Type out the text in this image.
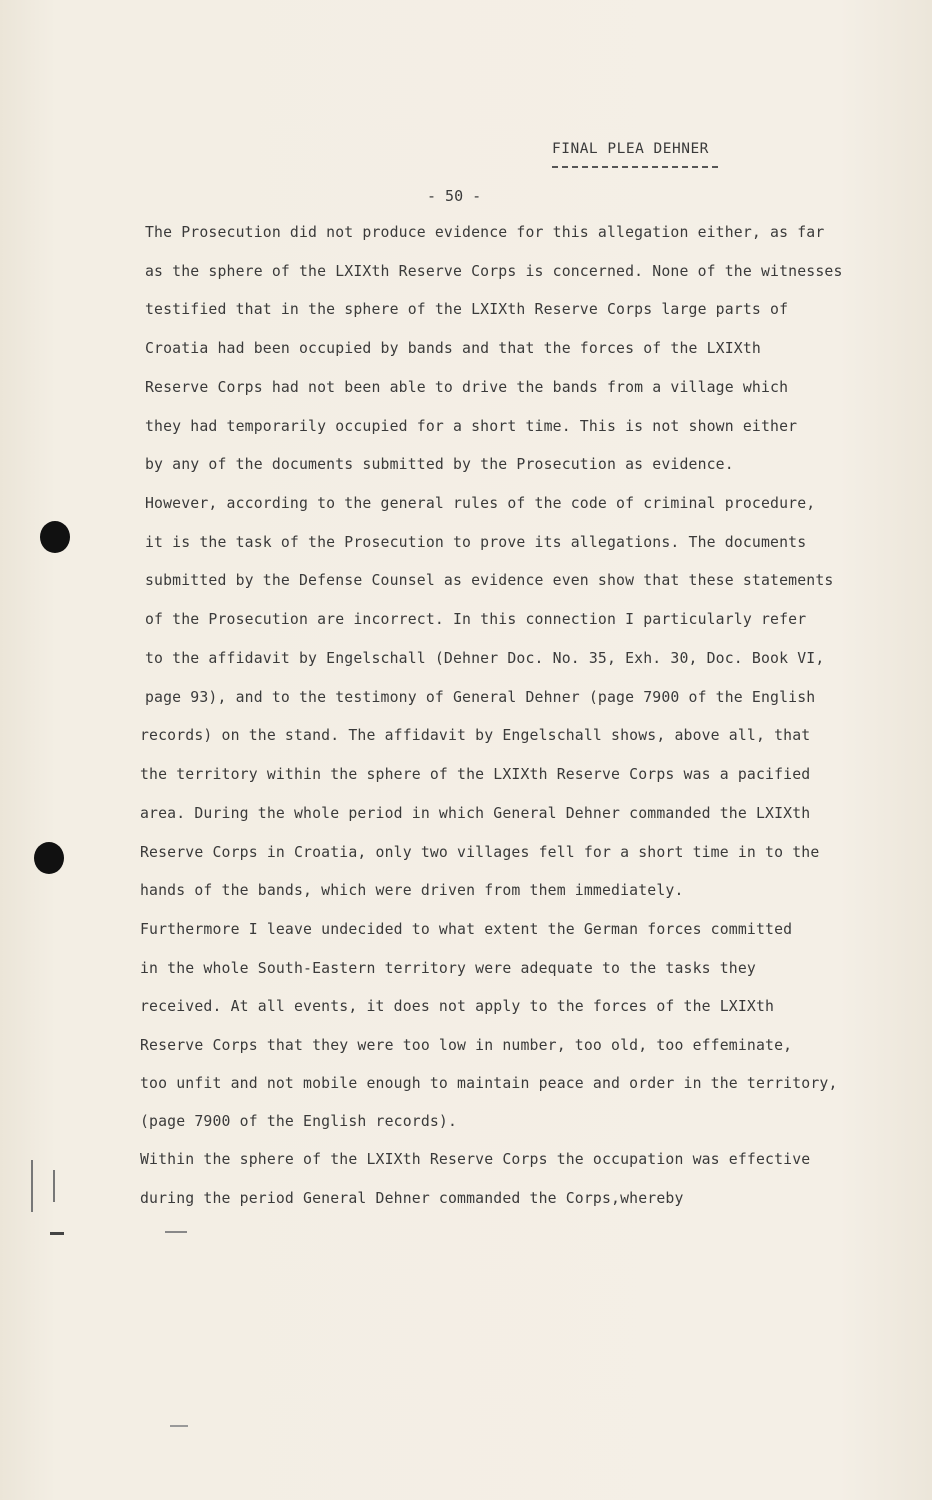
FINAL PLEA DEHNER
- 50 -
The Prosecution did not produce evidence for this allegation either, as far
as the sphere of the LXIXth Reserve Corps is concerned. None of the witnesses
testified that in the sphere of the LXIXth Reserve Corps large parts of
Croatia had been occupied by bands and that the forces of the LXIXth
Reserve Corps had not been able to drive the bands from a village which
they had temporarily occupied for a short time. This is not shown either
by any of the documents submitted by the Prosecution as evidence.
However, according to the general rules of the code of criminal procedure,
it is the task of the Prosecution to prove its allegations. The documents
submitted by the Defense Counsel as evidence even show that these statements
of the Prosecution are incorrect. In this connection I particularly refer
to the affidavit by Engelschall (Dehner Doc. No. 35, Exh. 30, Doc. Book VI,
page 93), and to the testimony of General Dehner (page 7900 of the English
records) on the stand. The affidavit by Engelschall shows, above all, that
the territory within the sphere of the LXIXth Reserve Corps was a pacified
area. During the whole period in which General Dehner commanded the LXIXth
Reserve Corps in Croatia, only two villages fell for a short time in to the
hands of the bands, which were driven from them immediately.
Furthermore I leave undecided to what extent the German forces committed
in the whole South-Eastern territory were adequate to the tasks they
received. At all events, it does not apply to the forces of the LXIXth
Reserve Corps that they were too low in number, too old, too effeminate,
too unfit and not mobile enough to maintain peace and order in the territory,
(page 7900 of the English records).
Within the sphere of the LXIXth Reserve Corps the occupation was effective
during the period General Dehner commanded the Corps,whereby
